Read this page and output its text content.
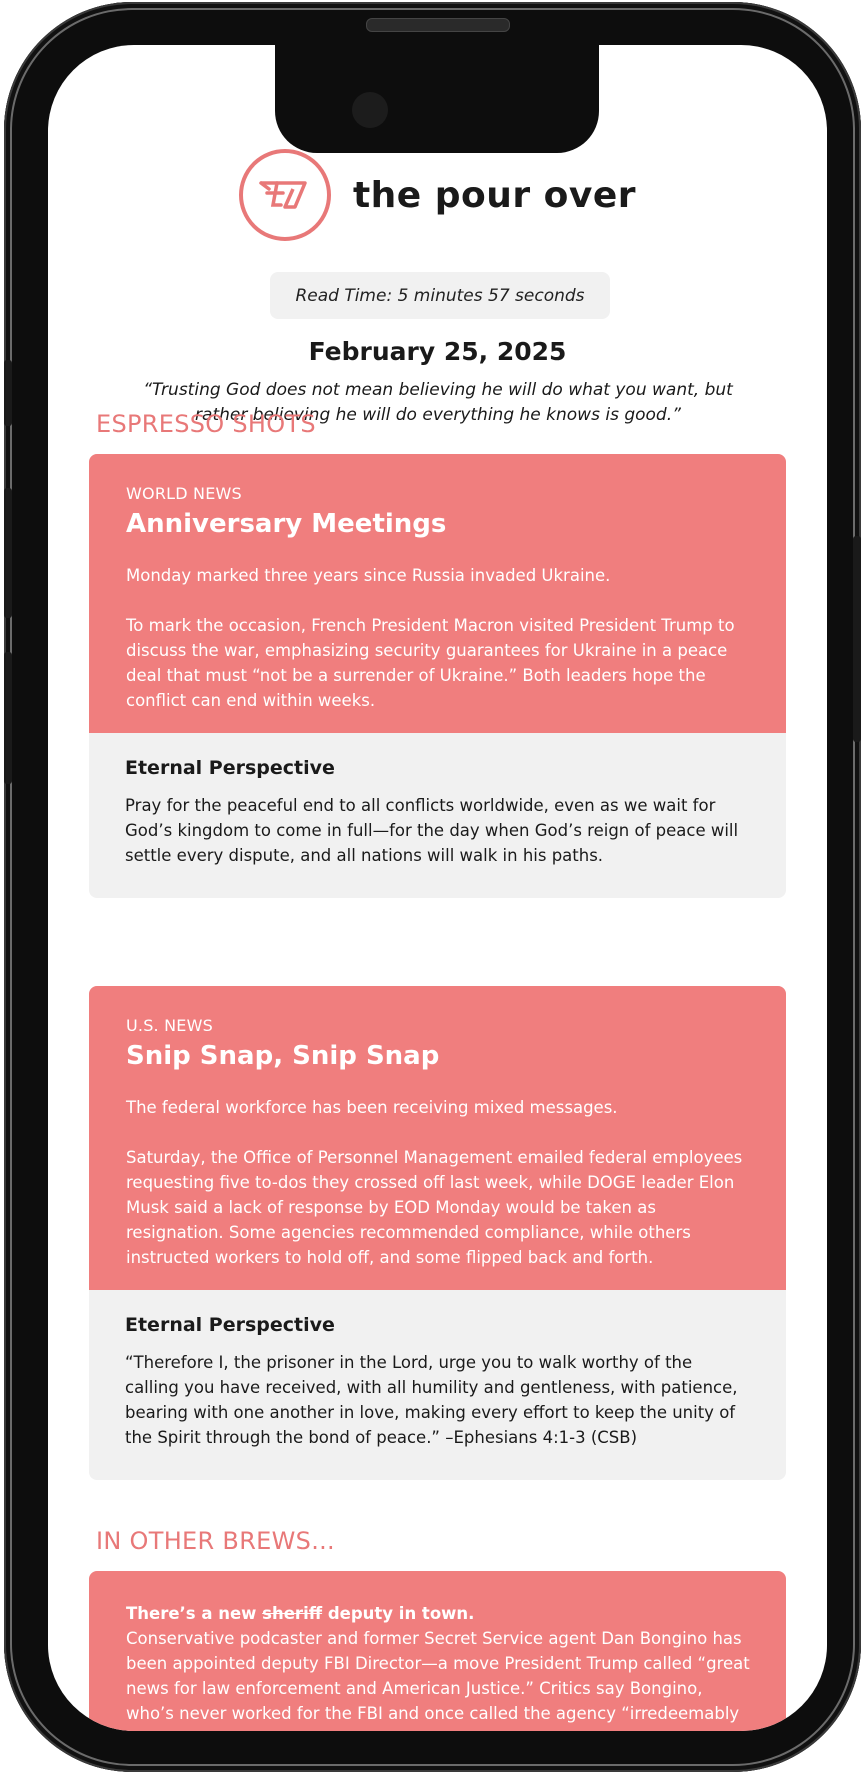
the pour over
Read Time: 5 minutes 57 seconds
February 25, 2025
“Trusting God does not mean believing he will do what you want, but rather believing he will do everything he knows is good.”
ESPRESSO SHOTS
WORLD NEWS
Anniversary Meetings

Monday marked three years since Russia invaded Ukraine.

To mark the occasion, French President Macron visited President Trump to discuss the war, emphasizing security guarantees for Ukraine in a peace deal that must “not be a surrender of Ukraine.” Both leaders hope the conflict can end within weeks.

Eternal Perspective
Pray for the peaceful end to all conflicts worldwide, even as we wait for God’s kingdom to come in full—for the day when God’s reign of peace will settle every dispute, and all nations will walk in his paths.
U.S. NEWS
Snip Snap, Snip Snap

The federal workforce has been receiving mixed messages.

Saturday, the Office of Personnel Management emailed federal employees requesting five to-dos they crossed off last week, while DOGE leader Elon Musk said a lack of response by EOD Monday would be taken as resignation. Some agencies recommended compliance, while others instructed workers to hold off, and some flipped back and forth.

Eternal Perspective
“Therefore I, the prisoner in the Lord, urge you to walk worthy of the calling you have received, with all humility and gentleness, with patience, bearing with one another in love, making every effort to keep the unity of the Spirit through the bond of peace.” –Ephesians 4:1-3 (CSB)
IN OTHER BREWS...
There’s a new sheriff deputy in town.
Conservative podcaster and former Secret Service agent Dan Bongino has been appointed deputy FBI Director—a move President Trump called “great news for law enforcement and American Justice.” Critics say Bongino, who’s never worked for the FBI and once called the agency “irredeemably
